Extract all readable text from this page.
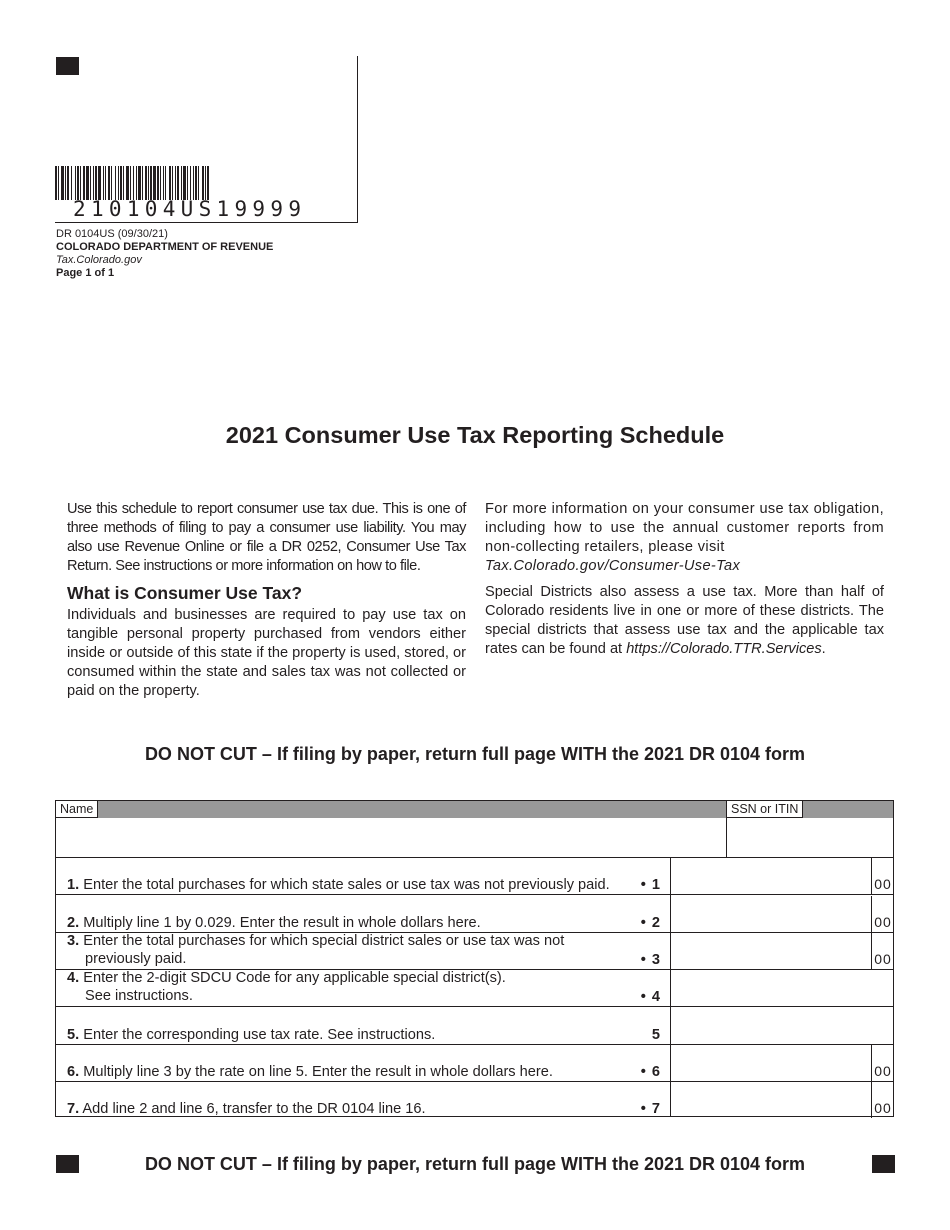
210104US19999
DR 0104US (09/30/21)
COLORADO DEPARTMENT OF REVENUE
Tax.Colorado.gov
Page 1 of 1
2021 Consumer Use Tax Reporting Schedule

Use this schedule to report consumer use tax due. This is one of three methods of filing to pay a consumer use liability. You may also use Revenue Online or file a DR 0252, Consumer Use Tax Return. See instructions or more information on how to file.

What is Consumer Use Tax?

Individuals and businesses are required to pay use tax on tangible personal property purchased from vendors either inside or outside of this state if the property is used, stored, or consumed within the state and sales tax was not collected or paid on the property.

For more information on your consumer use tax obligation, including how to use the annual customer reports from non-collecting retailers, please visit
Tax.Colorado.gov/Consumer-Use-Tax

Special Districts also assess a use tax. More than half of Colorado residents live in one or more of these districts. The special districts that assess use tax and the applicable tax rates can be found at https://Colorado.TTR.Services.

DO NOT CUT – If filing by paper, return full page WITH the 2021 DR 0104 form
DO NOT CUT – If filing by paper, return full page WITH the 2021 DR 0104 form
Name	SSN or ITIN
1. Enter the total purchases for which state sales or use tax was not previously paid.	• 1	00
2. Multiply line 1 by 0.029. Enter the result in whole dollars here.	• 2	00
3. Enter the total purchases for which special district sales or use tax was not
previously paid.	• 3	00
4. Enter the 2-digit SDCU Code for any applicable special district(s).
See instructions.	• 4
5. Enter the corresponding use tax rate. See instructions.	5
6. Multiply line 3 by the rate on line 5. Enter the result in whole dollars here.	• 6	00
7. Add line 2 and line 6, transfer to the DR 0104 line 16.	• 7	00
